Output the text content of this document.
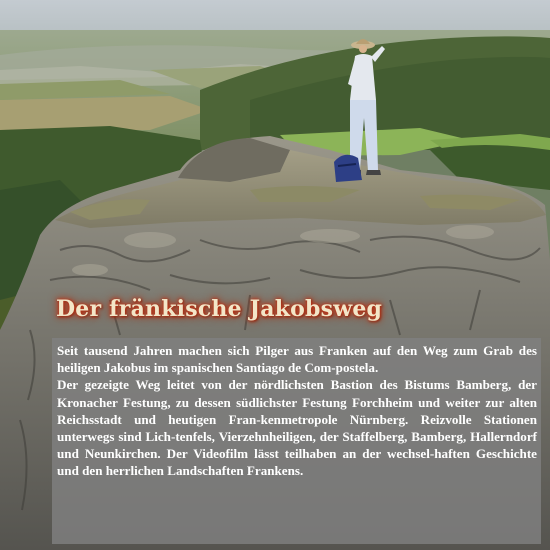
Der fränkische Jakobsweg

Seit tausend Jahren machen sich Pilger aus Franken auf den Weg zum Grab des heiligen Jakobus im spanischen Santiago de Com-postela.

Der gezeigte Weg leitet von der nördlichsten Bastion des Bistums Bamberg, der Kronacher Festung, zu dessen südlichster Festung Forchheim und weiter zur alten Reichsstadt und heutigen Fran-kenmetropole Nürnberg. Reizvolle Stationen unterwegs sind Lich-tenfels, Vierzehnheiligen, der Staffelberg, Bamberg, Hallerndorf und Neunkirchen. Der Videofilm lässt teilhaben an der wechsel-haften Geschichte und den herrlichen Landschaften Frankens.
